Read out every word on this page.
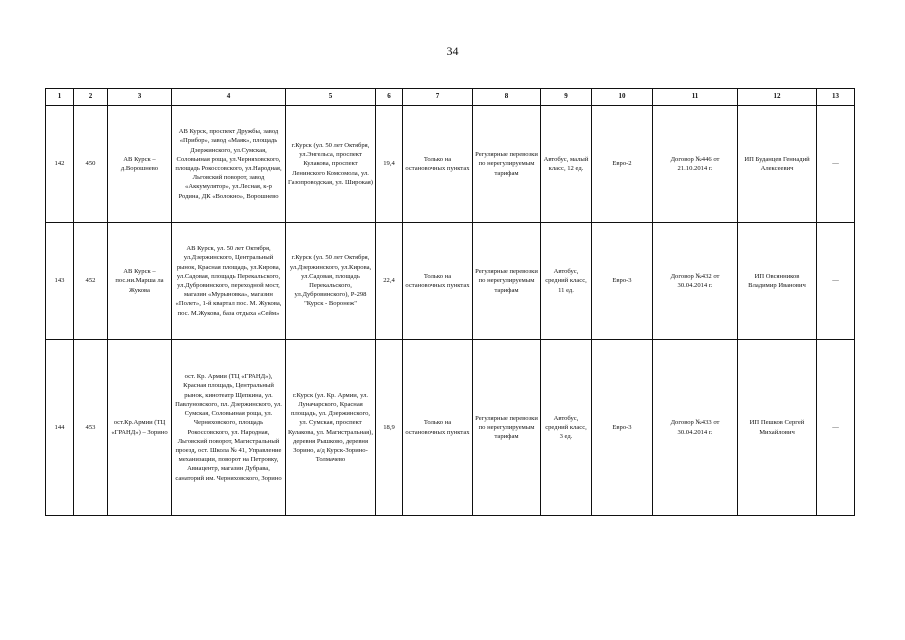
34
1	2	3	4	5	6	7	8	9	10	11	12	13
142	450	АВ Курск – д.Ворошнево	АВ Курск, проспект Дружбы, завод «Прибор», завод «Маяк», площадь Дзержинского, ул.Сумская, Соловьиная роща, ул.Черняховского, площадь Рокоссовского, ул.Народная, Льговский поворот, завод «Аккумулятор», ул.Лесная, к-р Родина, ДК «Волокно», Ворошнево	г.Курск (ул. 50 лет Октября, ул.Энгельса, проспект Кулакова, проспект Ленинского Комсомола, ул. Газопроводская, ул. Широкая)	19,4	Только на остановочных пунктах	Регулярные перевозки по нерегулируемым тарифам	Автобус, малый класс, 12 ед.	Евро-2	Договор №446 от 21.10.2014 г.	ИП Буданцев Геннадий Алексеевич	—
143	452	АВ Курск – пос.ни.Марша ла Жукова	АВ Курск, ул. 50 лет Октября, ул.Дзержинского, Центральный рынок, Красная площадь, ул.Кирова, ул.Садовая, площадь Перекальского, ул.Дубровинского, переходной мост, магазин «Мурыновка», магазин «Полет», 1-й квартал пос. М. Жукова, пос. М.Жукова, база отдыха «Сейм»	г.Курск (ул. 50 лет Октября, ул.Дзержинского, ул.Кирова, ул.Садовая, площадь Перекальского, ул.Дубровинского), Р-298 "Курск - Воронеж"	22,4	Только на остановочных пунктах	Регулярные перевозки по нерегулируемым тарифам	Автобус, средний класс, 11 ед.	Евро-3	Договор №432 от 30.04.2014 г.	ИП Овсянников Владимир Иванович	—
144	453	ост.Кр.Армии (ТЦ «ГРАНД») – Зорино	ост. Кр. Армии (ТЦ «ГРАНД»), Красная площадь, Центральный рынок, кинотеатр Щепкина, ул. Павлуновского, пл. Дзержинского, ул. Сумская, Соловьиная роща, ул. Черняховского, площадь Рокоссовского, ул. Народная, Льговский поворот, Магистральный проезд, ост. Школа № 41, Управление механизации, поворот на Петровку, Авиацентр, магазин Дубрава, санаторий им. Черняховского, Зорино	г.Курск (ул. Кр. Армии, ул. Луначарского, Красная площадь, ул. Дзержинского, ул. Сумская, проспект Кулакова, ул. Магистральная), деревня Рышково, деревня Зорино, а/д Курск-Зорино-Толмачево	18,9	Только на остановочных пунктах	Регулярные перевозки по нерегулируемым тарифам	Автобус, средний класс, 3 ед.	Евро-3	Договор №433 от 30.04.2014 г.	ИП Пешков Сергей Михайлович	—
